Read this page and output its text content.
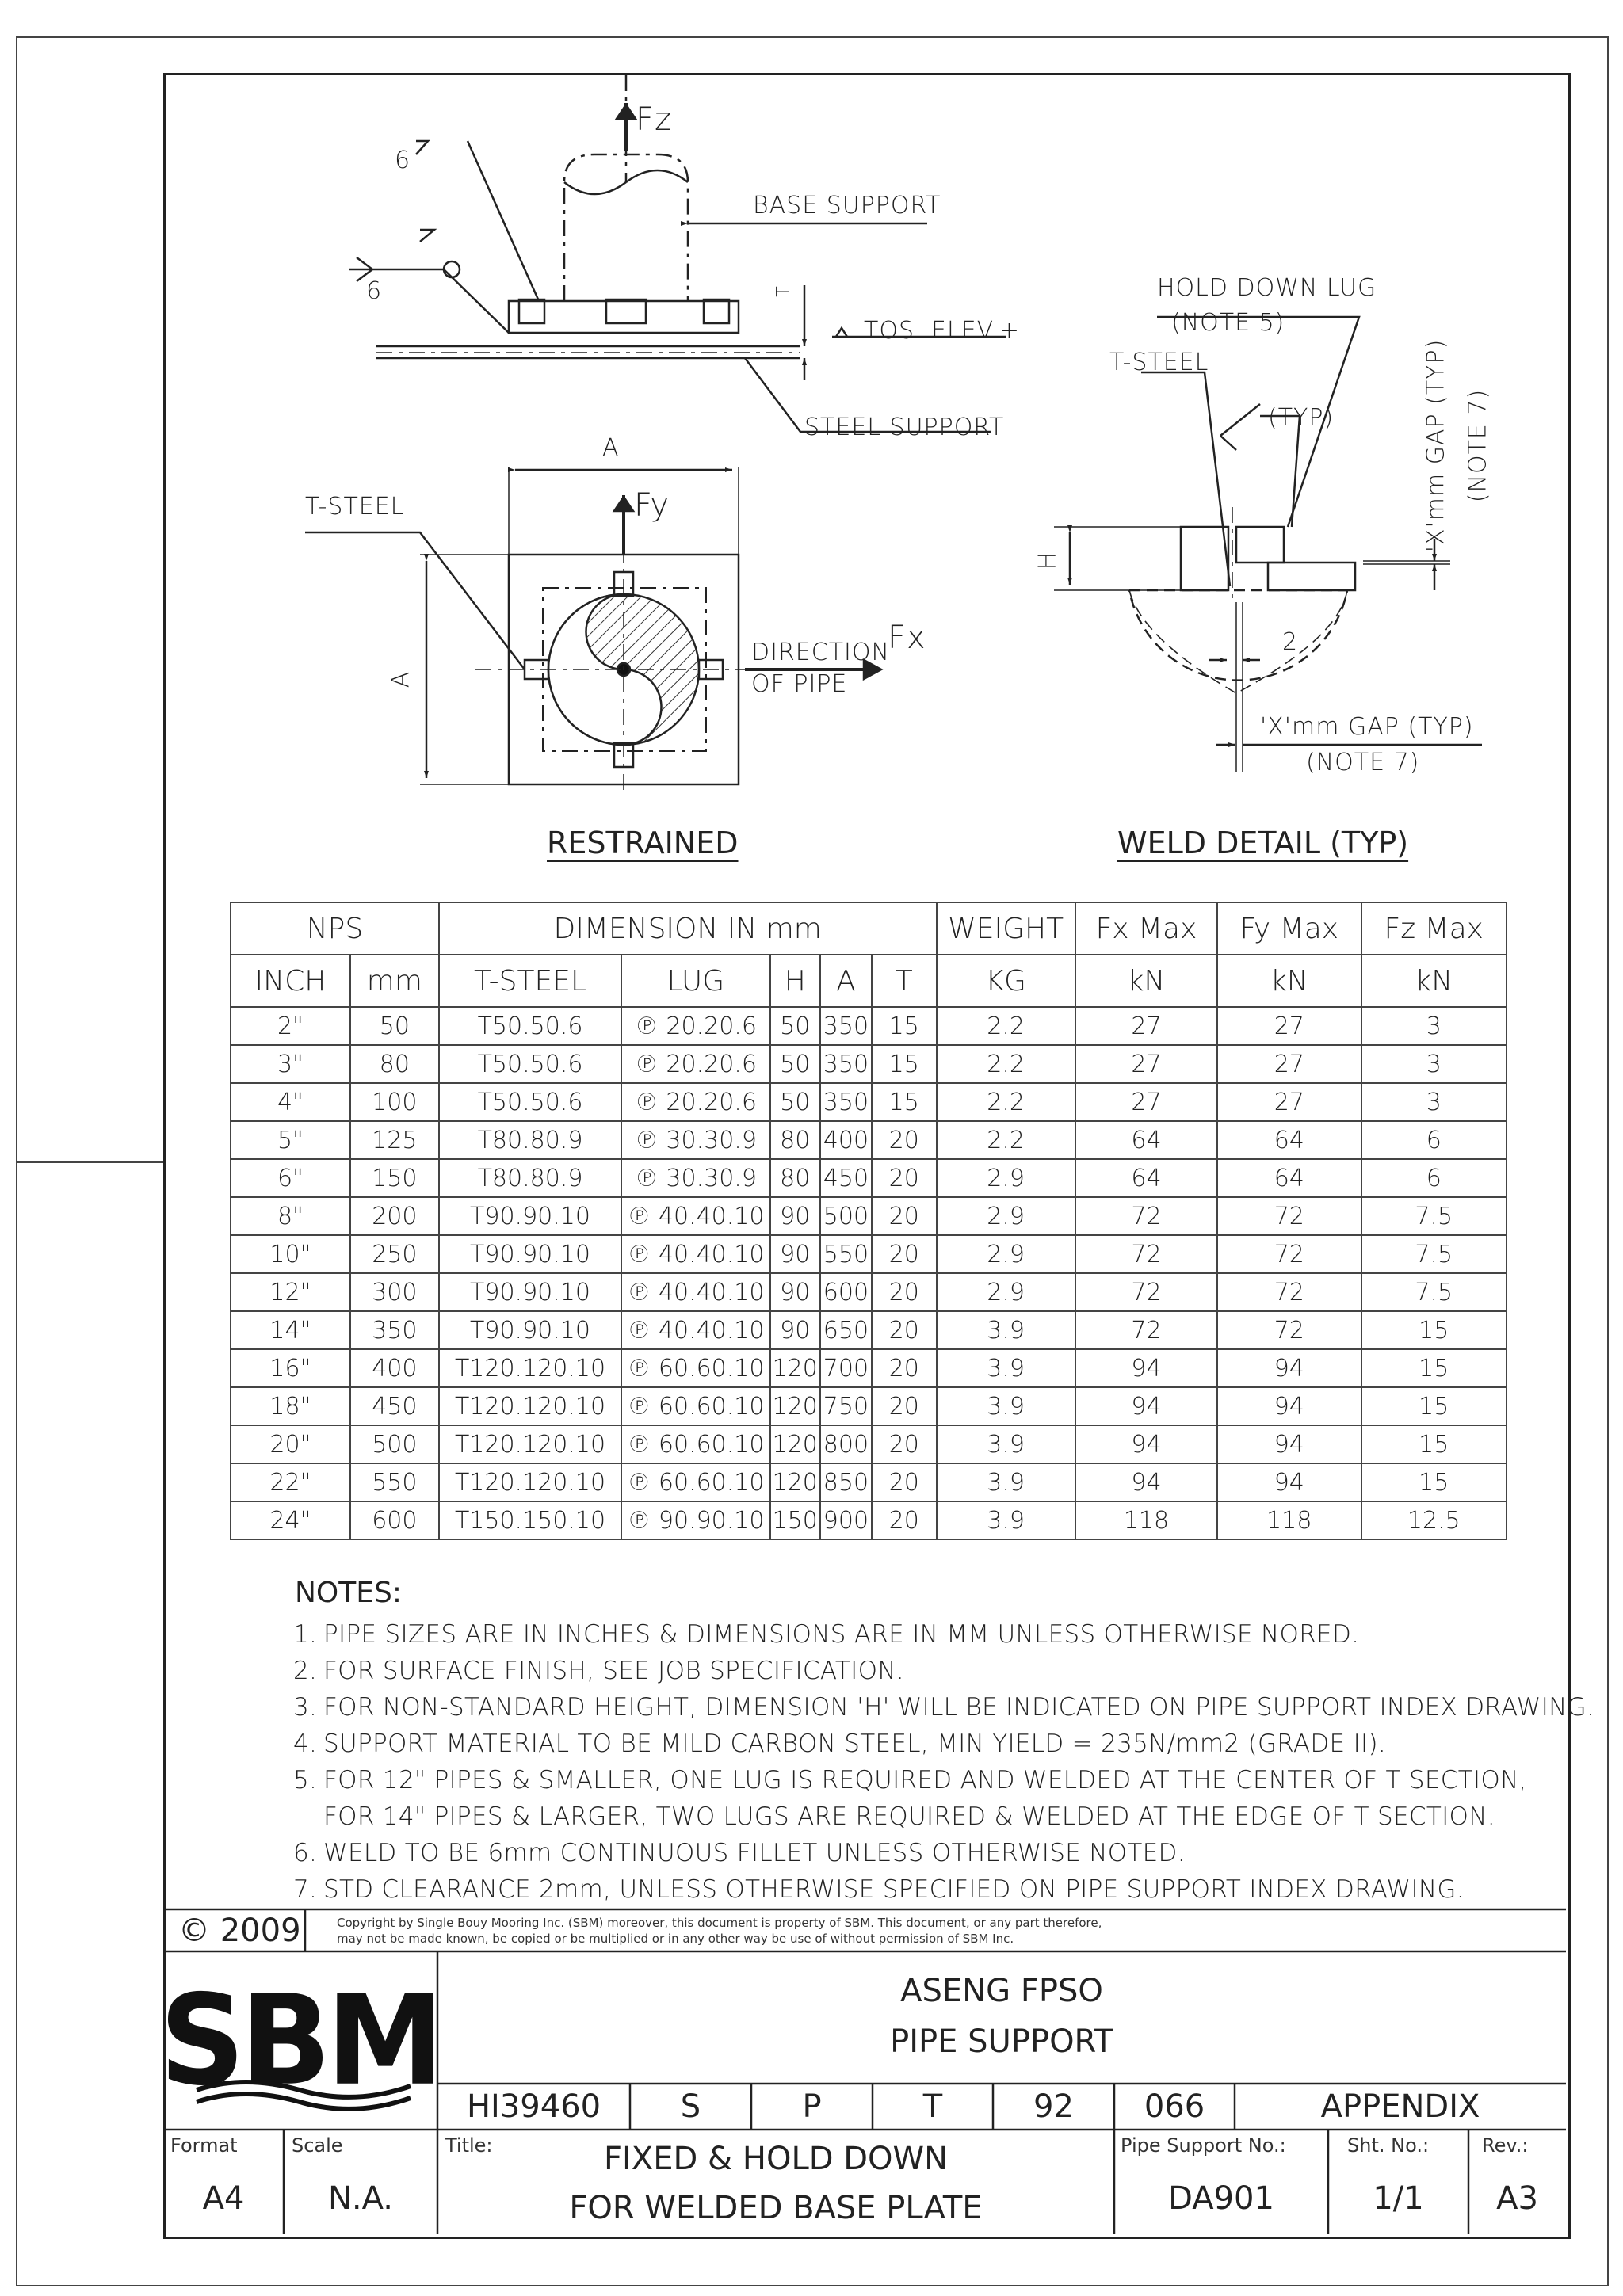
Fz
6
6
BASE SUPPORT
T
TOS. ELEV.+
STEEL SUPPORT
A
A
Fy
Fx
T-STEEL
DIRECTION
OF PIPE
HOLD DOWN LUG
(NOTE 5)
T-STEEL
(TYP)	'X'mm GAP (TYP) (NOTE 7)
H
2
'X'mm GAP (TYP)
(NOTE 7)
RESTRAINED	WELD DETAIL (TYP)
NPS		DIMENSION IN mm					WEIGHT	Fx Max	Fy Max	Fz Max
INCH	mm	T-STEEL	LUG	H	A	T	KG	kN	kN	kN
2"	50	T50.50.6	℗ 20.20.6	50	350	15	2.2	27	27	3
3"	80	T50.50.6	℗ 20.20.6	50	350	15	2.2	27	27	3
4"	100	T50.50.6	℗ 20.20.6	50	350	15	2.2	27	27	3
5"	125	T80.80.9	℗ 30.30.9	80	400	20	2.2	64	64	6
6"	150	T80.80.9	℗ 30.30.9	80	450	20	2.9	64	64	6
8"	200	T90.90.10	℗ 40.40.10	90	500	20	2.9	72	72	7.5
10"	250	T90.90.10	℗ 40.40.10	90	550	20	2.9	72	72	7.5
12"	300	T90.90.10	℗ 40.40.10	90	600	20	2.9	72	72	7.5
14"	350	T90.90.10	℗ 40.40.10	90	650	20	3.9	72	72	15
16"	400	T120.120.10	℗ 60.60.10	120	700	20	3.9	94	94	15
18"	450	T120.120.10	℗ 60.60.10	120	750	20	3.9	94	94	15
20"	500	T120.120.10	℗ 60.60.10	120	800	20	3.9	94	94	15
22"	550	T120.120.10	℗ 60.60.10	120	850	20	3.9	94	94	15
24"	600	T150.150.10	℗ 90.90.10	150	900	20	3.9	118	118	12.5
NOTES:
1. PIPE SIZES ARE IN INCHES & DIMENSIONS ARE IN MM UNLESS OTHERWISE NORED.
2. FOR SURFACE FINISH, SEE JOB SPECIFICATION.
3. FOR NON-STANDARD HEIGHT, DIMENSION 'H' WILL BE INDICATED ON PIPE SUPPORT INDEX DRAWING.
4. SUPPORT MATERIAL TO BE MILD CARBON STEEL, MIN YIELD = 235N/mm2 (GRADE II).
5. FOR 12" PIPES & SMALLER, ONE LUG IS REQUIRED AND WELDED AT THE CENTER OF T SECTION,
FOR 14" PIPES & LARGER, TWO LUGS ARE REQUIRED & WELDED AT THE EDGE OF T SECTION.
6. WELD TO BE 6mm CONTINUOUS FILLET UNLESS OTHERWISE NOTED.
7. STD CLEARANCE 2mm, UNLESS OTHERWISE SPECIFIED ON PIPE SUPPORT INDEX DRAWING.
© 2009	Copyright by Single Bouy Mooring Inc. (SBM) moreover, this document is property of SBM. This document, or any part therefore,
may not be made known, be copied or be multiplied or in any other way be use of without permission of SBM Inc.
SBM	ASENG FPSO
PIPE SUPPORT
HI39460	S	P	T	92	066	APPENDIX
Format
A4
Scale
N.A.
Title:	FIXED & HOLD DOWN
FOR WELDED BASE PLATE
Pipe Support No.:
DA901
Sht. No.:
1/1
Rev.:
A3
